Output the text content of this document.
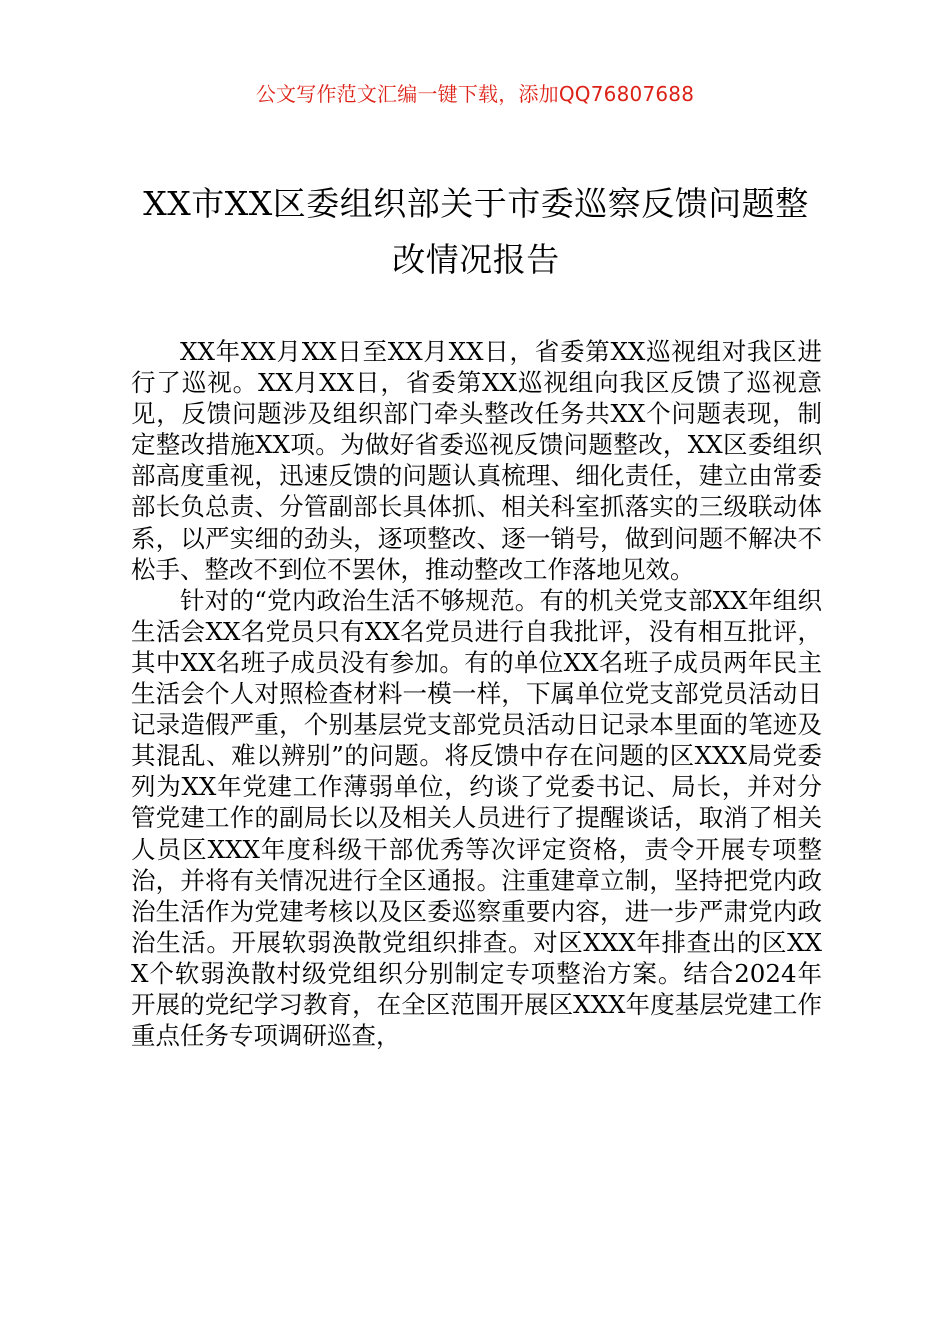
公文写作范文汇编一键下载，添加QQ76807688
XX市XX区委组织部关于市委巡察反馈问题整改情况报告

XX年XX月XX日至XX月XX日，省委第XX巡视组对我区进行了巡视。XX月XX日，省委第XX巡视组向我区反馈了巡视意见，反馈问题涉及组织部门牵头整改任务共XX个问题表现，制定整改措施XX项。为做好省委巡视反馈问题整改，XX区委组织部高度重视，迅速反馈的问题认真梳理、细化责任，建立由常委部长负总责、分管副部长具体抓、相关科室抓落实的三级联动体系，以严实细的劲头，逐项整改、逐一销号，做到问题不解决不松手、整改不到位不罢休，推动整改工作落地见效。

针对的“党内政治生活不够规范。有的机关党支部XX年组织生活会XX名党员只有XX名党员进行自我批评，没有相互批评，其中XX名班子成员没有参加。有的单位XX名班子成员两年民主生活会个人对照检查材料一模一样，下属单位党支部党员活动日记录造假严重，个别基层党支部党员活动日记录本里面的笔迹及其混乱、难以辨别”的问题。将反馈中存在问题的区XXX局党委列为XX年党建工作薄弱单位，约谈了党委书记、局长，并对分管党建工作的副局长以及相关人员进行了提醒谈话，取消了相关人员区XXX年度科级干部优秀等次评定资格，责令开展专项整治，并将有关情况进行全区通报。注重建章立制，坚持把党内政治生活作为党建考核以及区委巡察重要内容，进一步严肃党内政治生活。开展软弱涣散党组织排查。对区XXX年排查出的区XXX个软弱涣散村级党组织分别制定专项整治方案。结合2024年开展的党纪学习教育，在全区范围开展区XXX年度基层党建工作重点任务专项调研巡查，
